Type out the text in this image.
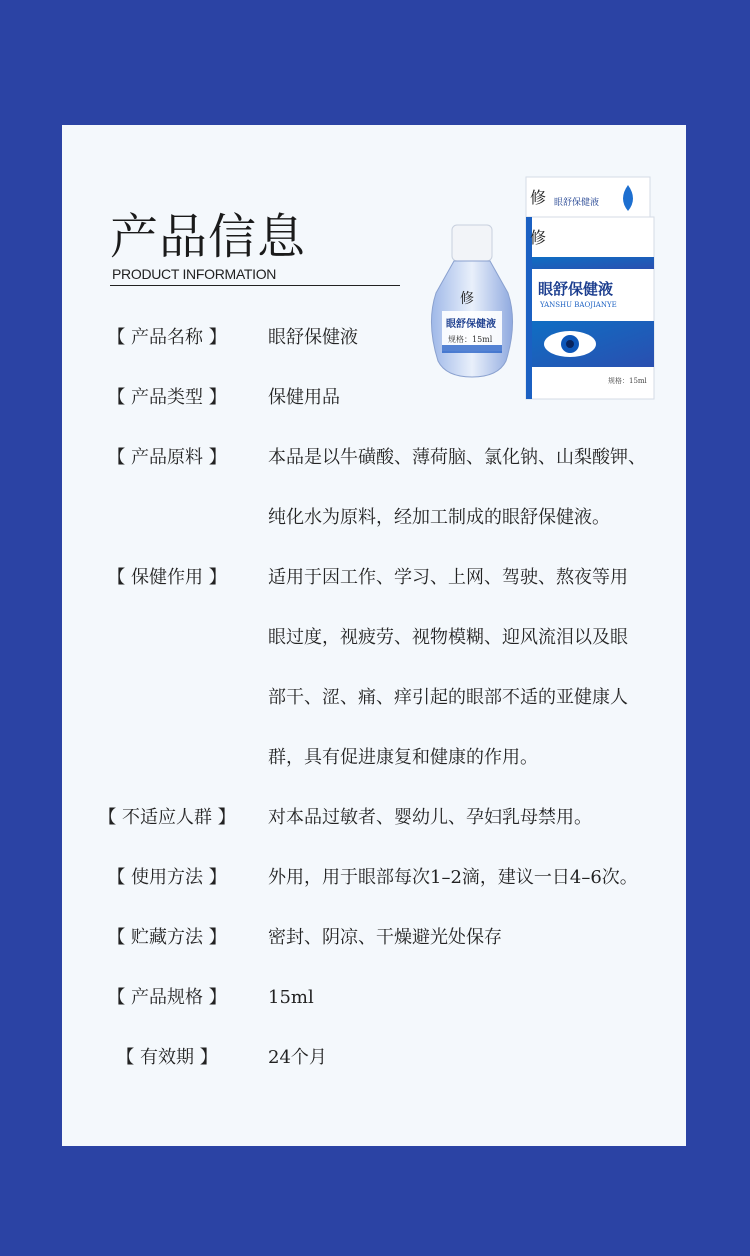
产品信息
PRODUCT INFORMATION
眼舒保健液
修
修
眼舒保健液
YANSHU BAOJIANYE
规格：15ml
修
眼舒保健液
规格：15ml
【 产品名称 】	眼舒保健液
【 产品类型 】	保健用品
【 产品原料 】	本品是以牛磺酸、薄荷脑、氯化钠、山梨酸钾、
纯化水为原料，经加工制成的眼舒保健液。
【 保健作用 】	适用于因工作、学习、上网、驾驶、熬夜等用
眼过度，视疲劳、视物模糊、迎风流泪以及眼
部干、涩、痛、痒引起的眼部不适的亚健康人
群，具有促进康复和健康的作用。
【 不适应人群 】	对本品过敏者、婴幼儿、孕妇乳母禁用。
【 使用方法 】	外用，用于眼部每次1–2滴，建议一日4–6次。
【 贮藏方法 】	密封、阴凉、干燥避光处保存
【 产品规格 】	15ml
【 有效期 】	24个月
